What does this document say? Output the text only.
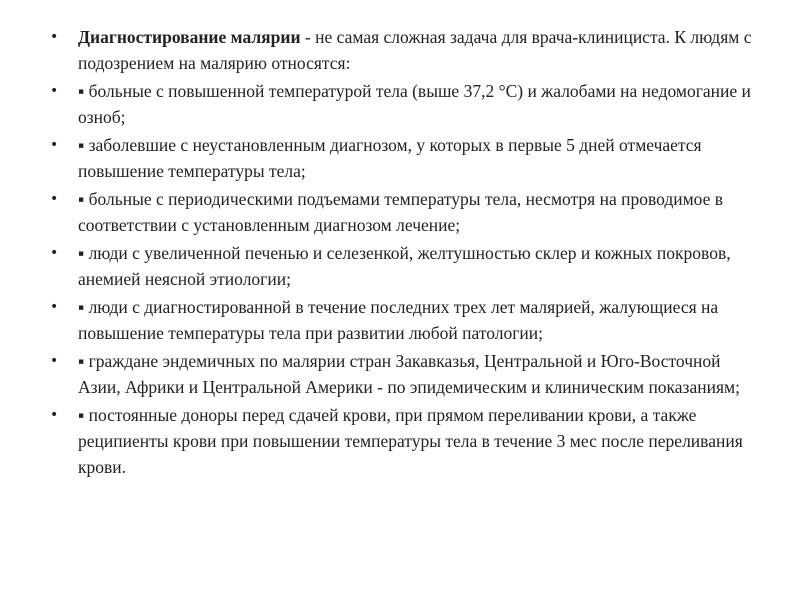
• Диагностирование малярии - не самая сложная задача для врача-клинициста. К людям с подозрением на малярию относятся:
• ▪ больные с повышенной температурой тела (выше 37,2 °С) и жалобами на недомогание и озноб;
• ▪ заболевшие с неустановленным диагнозом, у которых в первые 5 дней отмечается повышение температуры тела;
• ▪ больные с периодическими подъемами температуры тела, несмотря на проводимое в соответствии с установленным диагнозом лечение;
• ▪ люди с увеличенной печенью и селезенкой, желтушностью склер и кожных покровов, анемией неясной этиологии;
• ▪ люди с диагностированной в течение последних трех лет малярией, жалующиеся на повышение температуры тела при развитии любой патологии;
• ▪ граждане эндемичных по малярии стран Закавказья, Центральной и Юго-Восточной Азии, Африки и Центральной Америки - по эпидемическим и клиническим показаниям;
• ▪ постоянные доноры перед сдачей крови, при прямом переливании крови, а также реципиенты крови при повышении температуры тела в течение 3 мес после переливания крови.
